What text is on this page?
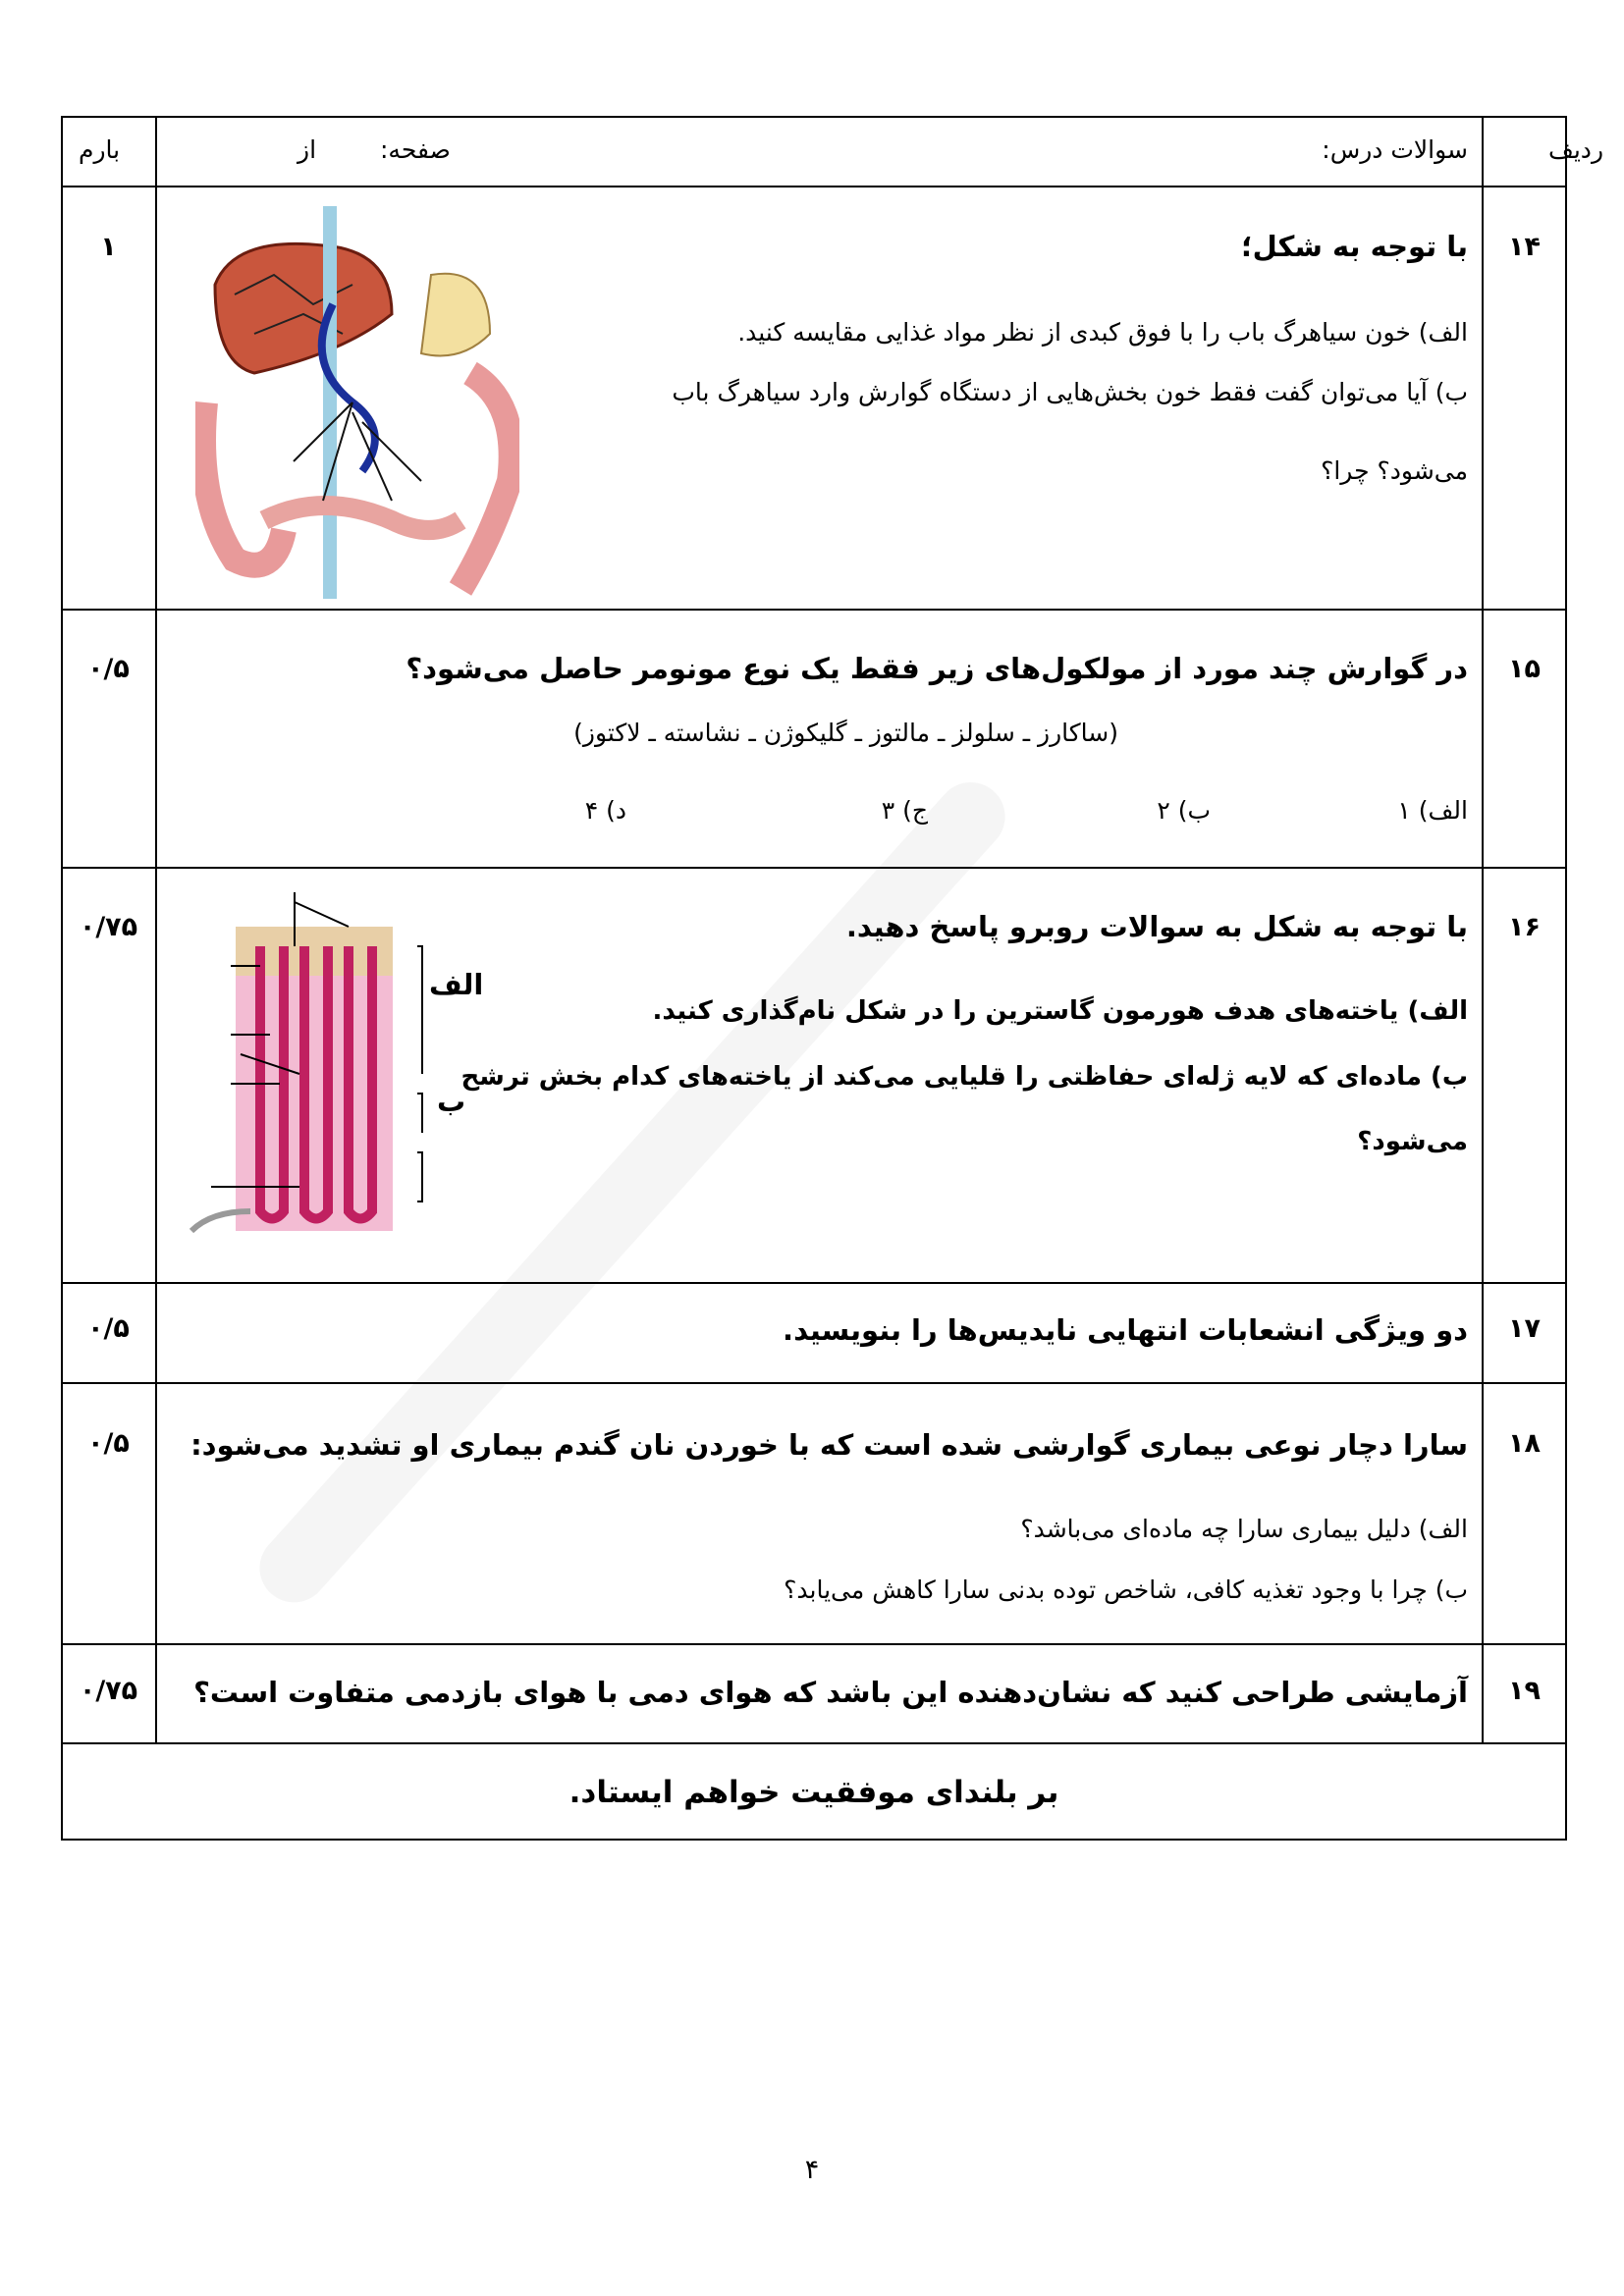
ردیف
سوالات درس:
صفحه:
از
بارم
۱۴
۱
۱۵
۰/۵
۱۶
۰/۷۵
۱۷
۰/۵
۱۸
۰/۵
۱۹
۰/۷۵
با توجه به شکل؛
الف) خون سیاهرگ باب را با فوق کبدی از نظر مواد غذایی مقایسه کنید.
ب) آیا می‌توان گفت فقط خون بخش‌هایی از دستگاه گوارش وارد سیاهرگ باب
می‌شود؟ چرا؟
در گوارش چند مورد از مولکول‌های زیر فقط یک نوع مونومر حاصل می‌شود؟
(ساکارز ـ سلولز ـ مالتوز ـ گلیکوژن ـ نشاسته ـ لاکتوز)
الف) ۱
ب) ۲
ج) ۳
د) ۴
با توجه به شکل به سوالات روبرو پاسخ دهید.
الف) یاخته‌های هدف هورمون گاسترین را در شکل نام‌گذاری کنید.
ب) ماده‌ای که لایه ژله‌ای حفاظتی را قلیایی می‌کند از یاخته‌های کدام بخش ترشح
می‌شود؟
الف
ب
دو ویژگی انشعابات انتهایی نایدیس‌ها را بنویسید.
سارا دچار نوعی بیماری گوارشی شده است که با خوردن نان گندم بیماری او تشدید می‌شود:
الف) دلیل بیماری سارا چه ماده‌ای می‌باشد؟
ب) چرا با وجود تغذیه کافی، شاخص توده بدنی سارا کاهش می‌یابد؟
آزمایشی طراحی کنید که نشان‌دهنده این باشد که هوای دمی با هوای بازدمی متفاوت است؟
بر بلندای موفقیت خواهم ایستاد.
۴
